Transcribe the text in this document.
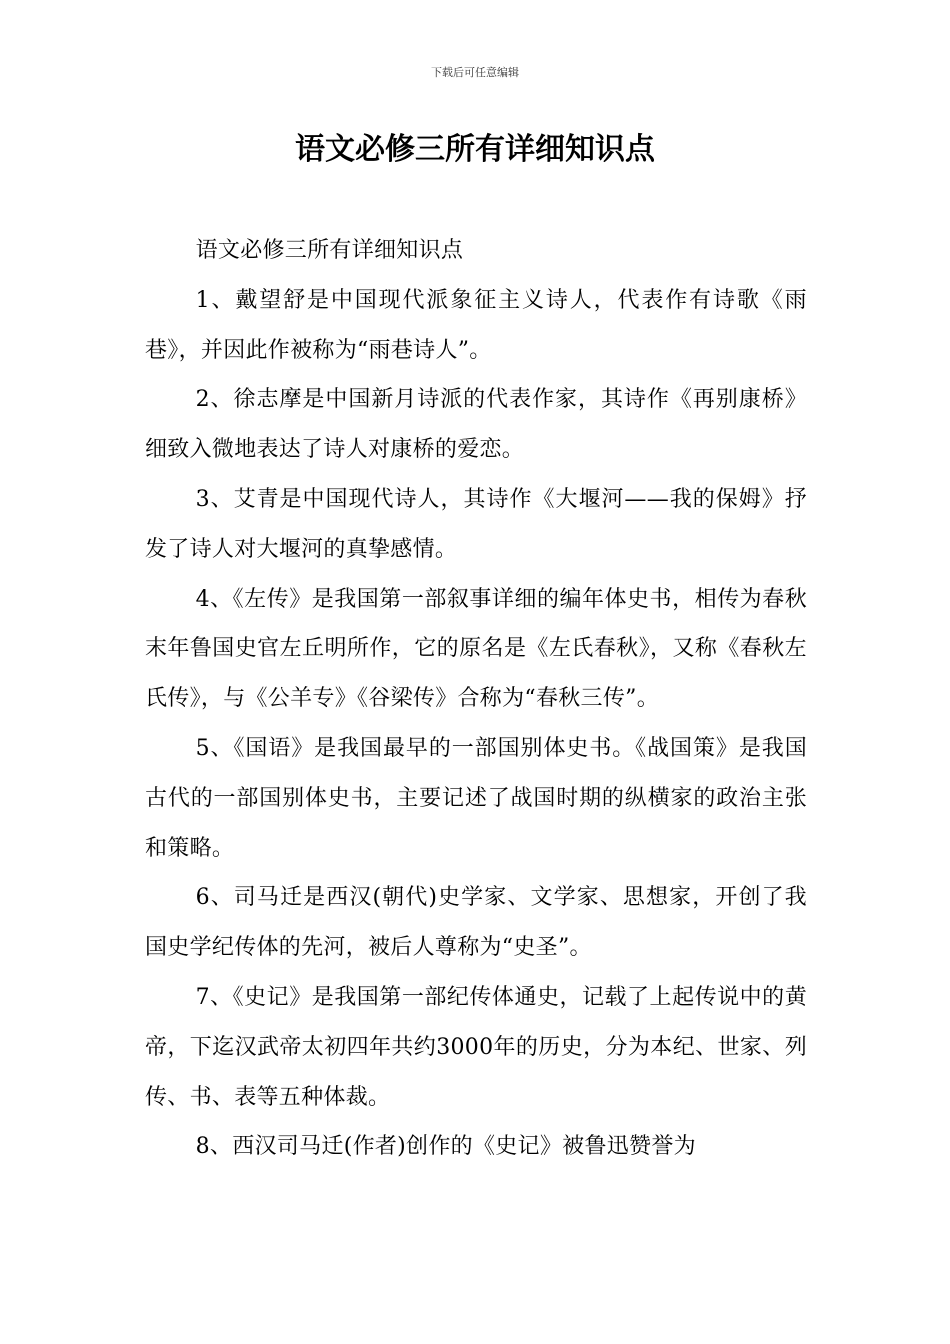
下载后可任意编辑
语文必修三所有详细知识点

语文必修三所有详细知识点

1、戴望舒是中国现代派象征主义诗人，代表作有诗歌《雨巷》，并因此作被称为“雨巷诗人”。

2、徐志摩是中国新月诗派的代表作家，其诗作《再别康桥》细致入微地表达了诗人对康桥的爱恋。

3、艾青是中国现代诗人，其诗作《大堰河——我的保姆》抒发了诗人对大堰河的真挚感情。

4、《左传》是我国第一部叙事详细的编年体史书，相传为春秋末年鲁国史官左丘明所作，它的原名是《左氏春秋》，又称《春秋左氏传》，与《公羊专》《谷梁传》合称为“春秋三传”。

5、《国语》是我国最早的一部国别体史书。《战国策》是我国古代的一部国别体史书，主要记述了战国时期的纵横家的政治主张和策略。

6、司马迁是西汉(朝代)史学家、文学家、思想家，开创了我国史学纪传体的先河，被后人尊称为“史圣”。

7、《史记》是我国第一部纪传体通史，记载了上起传说中的黄帝，下迄汉武帝太初四年共约3000年的历史，分为本纪、世家、列传、书、表等五种体裁。

8、西汉司马迁(作者)创作的《史记》被鲁迅赞誉为
